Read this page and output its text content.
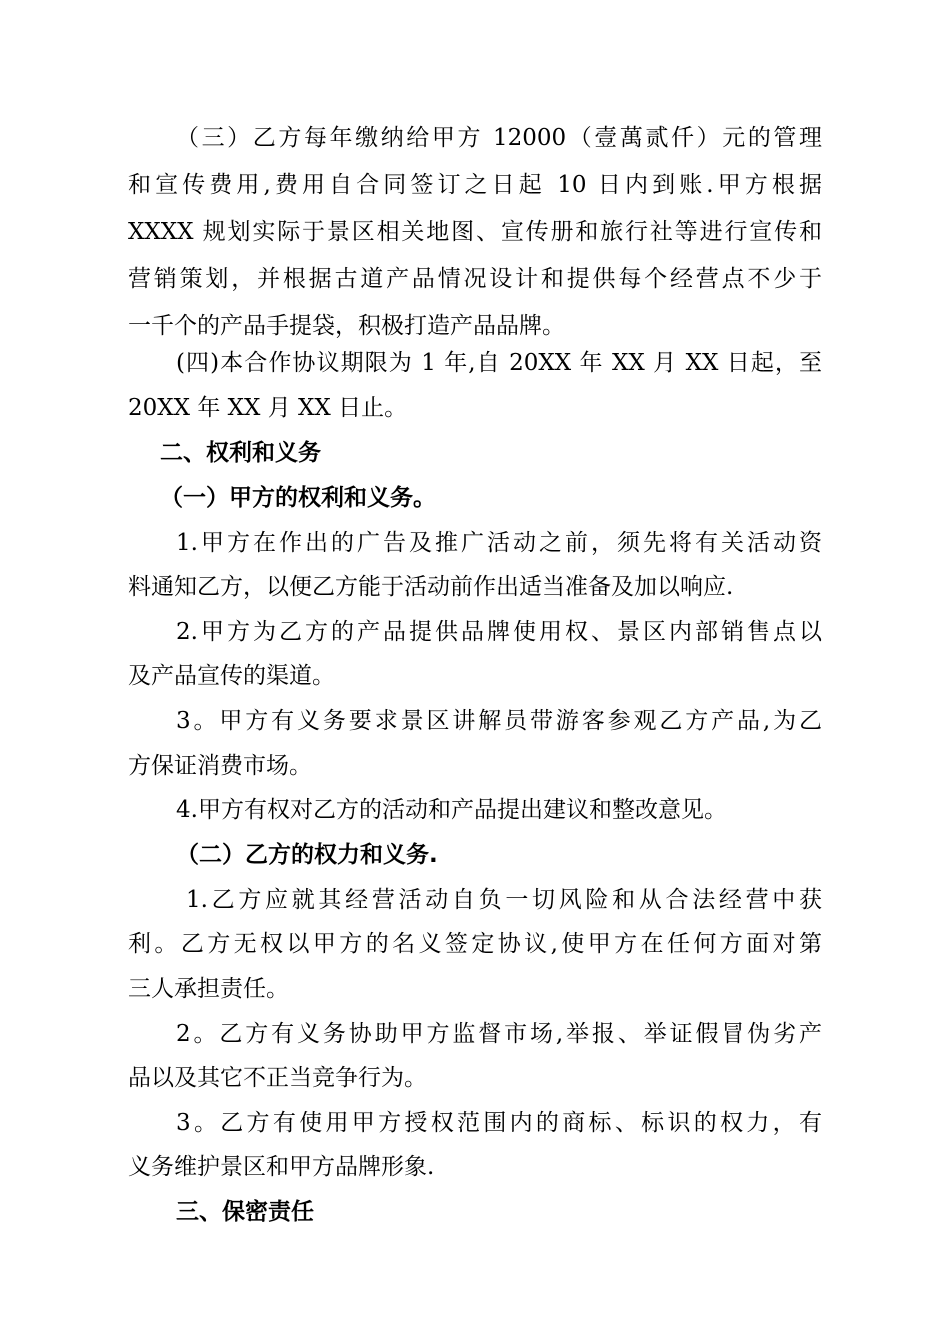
（三）乙方每年缴纳给甲方 12000（壹萬贰仟）元的管理
和宣传费用,费用自合同签订之日起 10 日内到账.甲方根据
XXXX 规划实际于景区相关地图、宣传册和旅行社等进行宣传和
营销策划，并根据古道产品情况设计和提供每个经营点不少于
一千个的产品手提袋，积极打造产品品牌。
(四)本合作协议期限为 1 年,自 20XX 年 XX 月 XX 日起，至
20XX 年 XX 月 XX 日止。
二、权利和义务
（一）甲方的权利和义务。
1.甲方在作出的广告及推广活动之前，须先将有关活动资
料通知乙方，以便乙方能于活动前作出适当准备及加以响应.
2.甲方为乙方的产品提供品牌使用权、景区内部销售点以
及产品宣传的渠道。
3。甲方有义务要求景区讲解员带游客参观乙方产品,为乙
方保证消费市场。
4.甲方有权对乙方的活动和产品提出建议和整改意见。
（二）乙方的权力和义务.
1.乙方应就其经营活动自负一切风险和从合法经营中获
利。乙方无权以甲方的名义签定协议,使甲方在任何方面对第
三人承担责任。
2。乙方有义务协助甲方监督市场,举报、举证假冒伪劣产
品以及其它不正当竞争行为。
3。乙方有使用甲方授权范围内的商标、标识的权力，有
义务维护景区和甲方品牌形象.
三、保密责任
